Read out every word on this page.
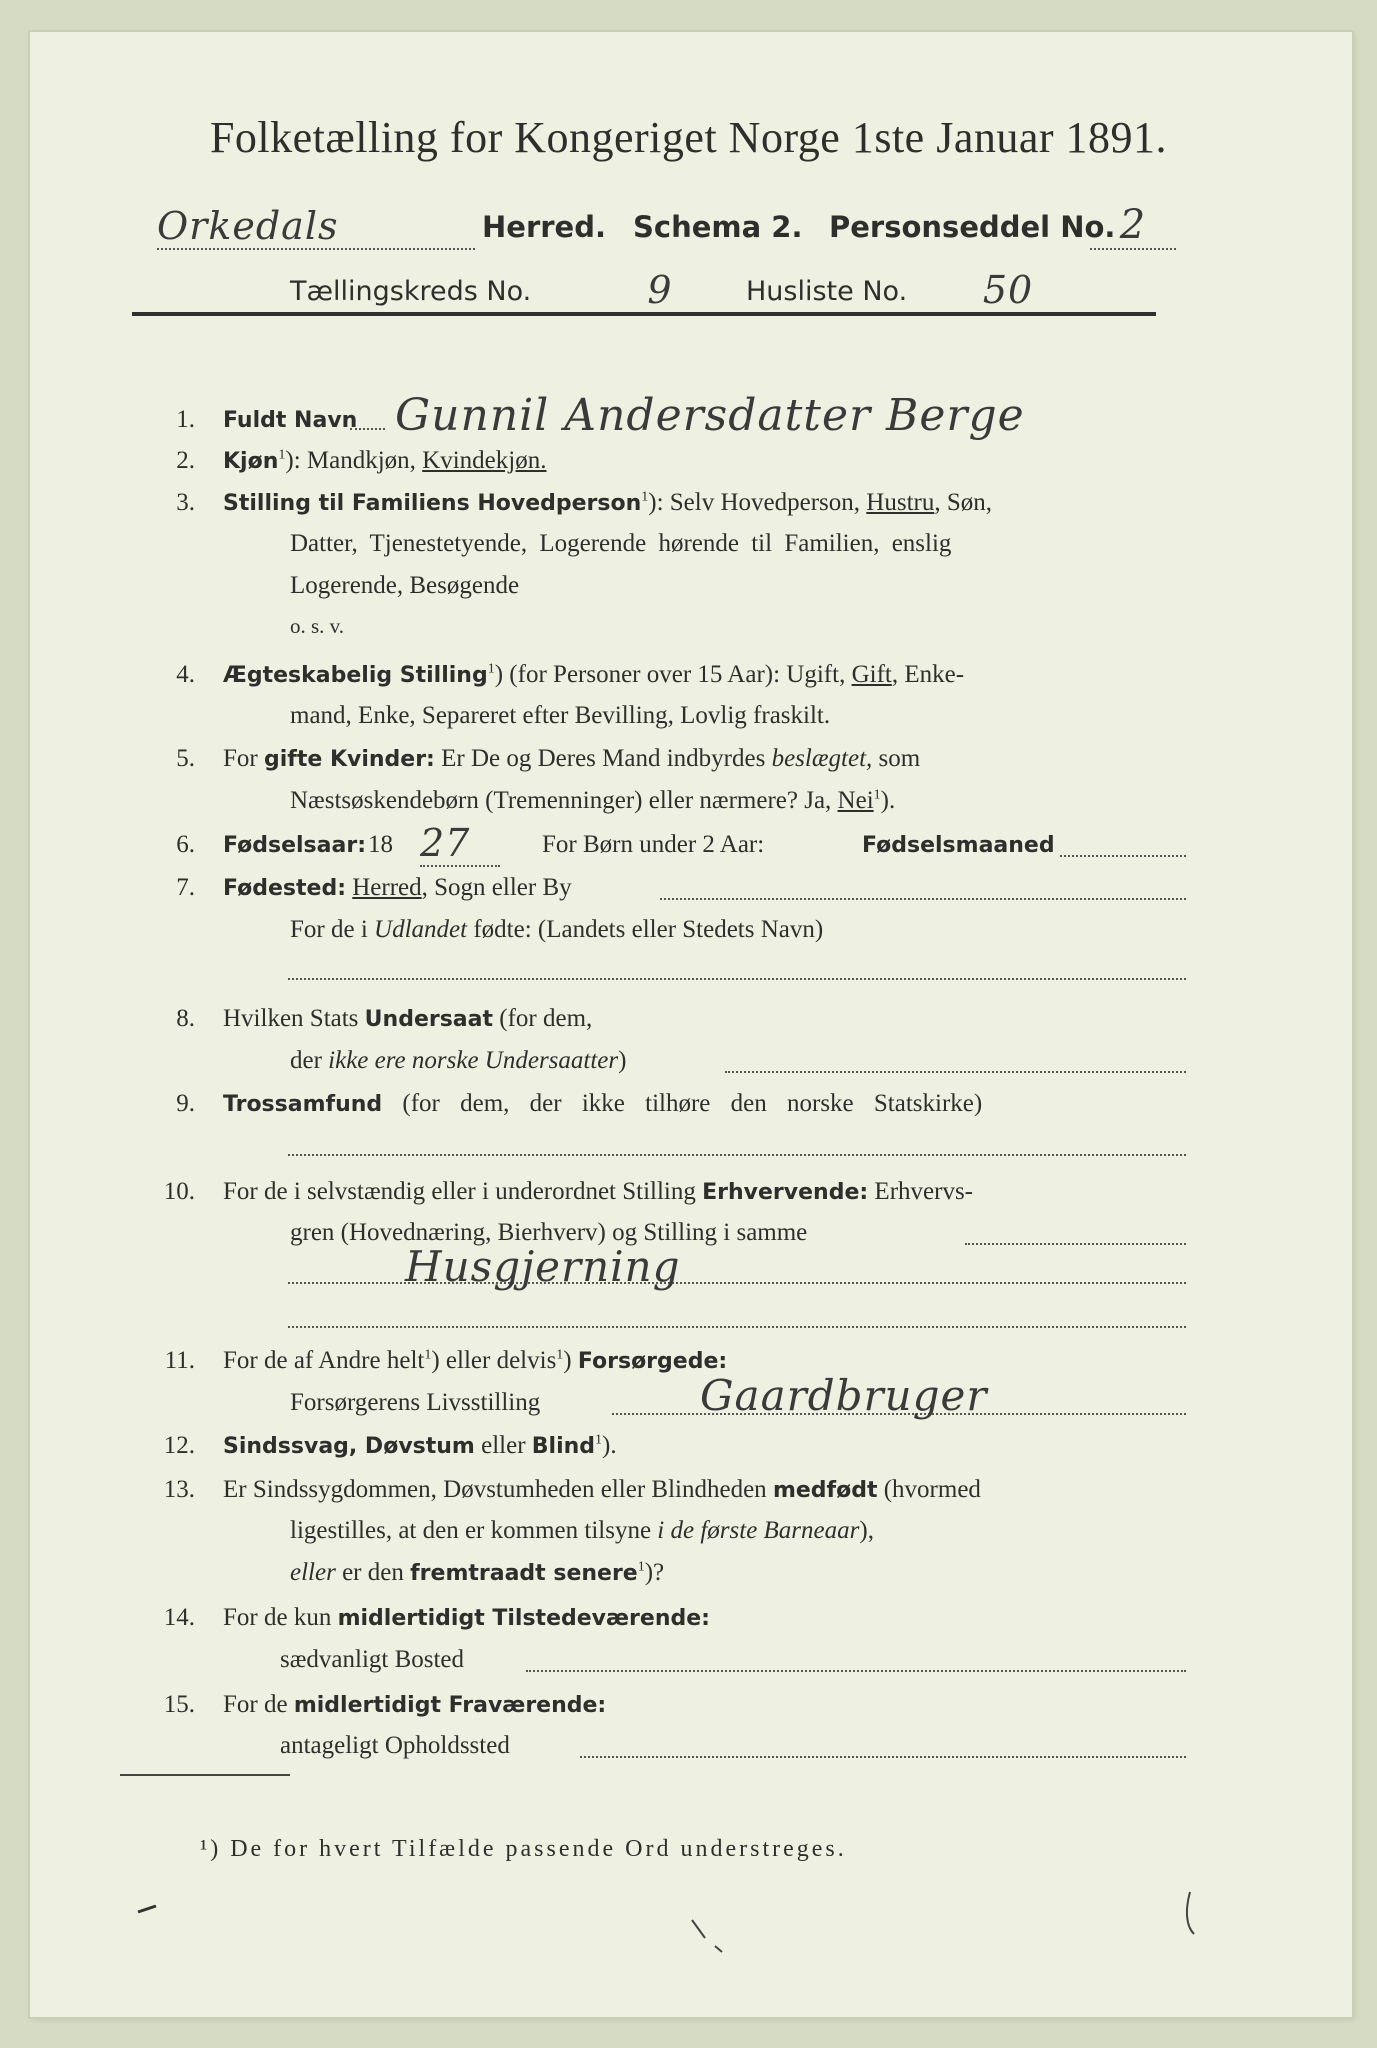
Folketælling for Kongeriget Norge 1ste Januar 1891.
Orkedals	Herred. Schema 2. Personseddel No. 2
Tællingskreds No.	9	Husliste No.	50
1. Fuldt Navn Gunnil Andersdatter Berge
2. Kjøn$^1$): Mandkjøn, Kvindekjøn.
3. Stilling til Familiens Hovedperson$^1$): Selv Hovedperson, Hustru, Søn,
Datter, Tjenestetyende, Logerende hørende til Familien, enslig
Logerende, Besøgende
o. s. v.
4. Ægteskabelig Stilling$^1$) (for Personer over 15 Aar): Ugift, Gift, Enke-
mand, Enke, Separeret efter Bevilling, Lovlig fraskilt.
5. For gifte Kvinder: Er De og Deres Mand indbyrdes beslægtet, som
Næstsøskendebørn (Tremenninger) eller nærmere? Ja, Nei$^1$).
6. Fødselsaar: 18 27	For Børn under 2 Aar:	Fødselsmaaned
7. Fødested: Herred, Sogn eller By
For de i Udlandet fødte: (Landets eller Stedets Navn)
8. Hvilken Stats Undersaat (for dem,
der ikke ere norske Undersaatter)
9. Trossamfund (for dem, der ikke tilhøre den norske Statskirke)
10. For de i selvstændig eller i underordnet Stilling Erhvervende: Erhvervs-
gren (Hovednæring, Bierhverv) og Stilling i samme
Husgjerning
11. For de af Andre helt$^1$) eller delvis$^1$) Forsørgede:
Forsørgerens Livsstilling	Gaardbruger
12. Sindssvag, Døvstum eller Blind$^1$).
13. Er Sindssygdommen, Døvstumheden eller Blindheden medfødt (hvormed
ligestilles, at den er kommen tilsyne i de første Barneaar),
eller er den fremtraadt senere$^1$)?
14. For de kun midlertidigt Tilstedeværende:
sædvanligt Bosted
15. For de midlertidigt Fraværende:
antageligt Opholdssted
¹) De for hvert Tilfælde passende Ord understreges.
